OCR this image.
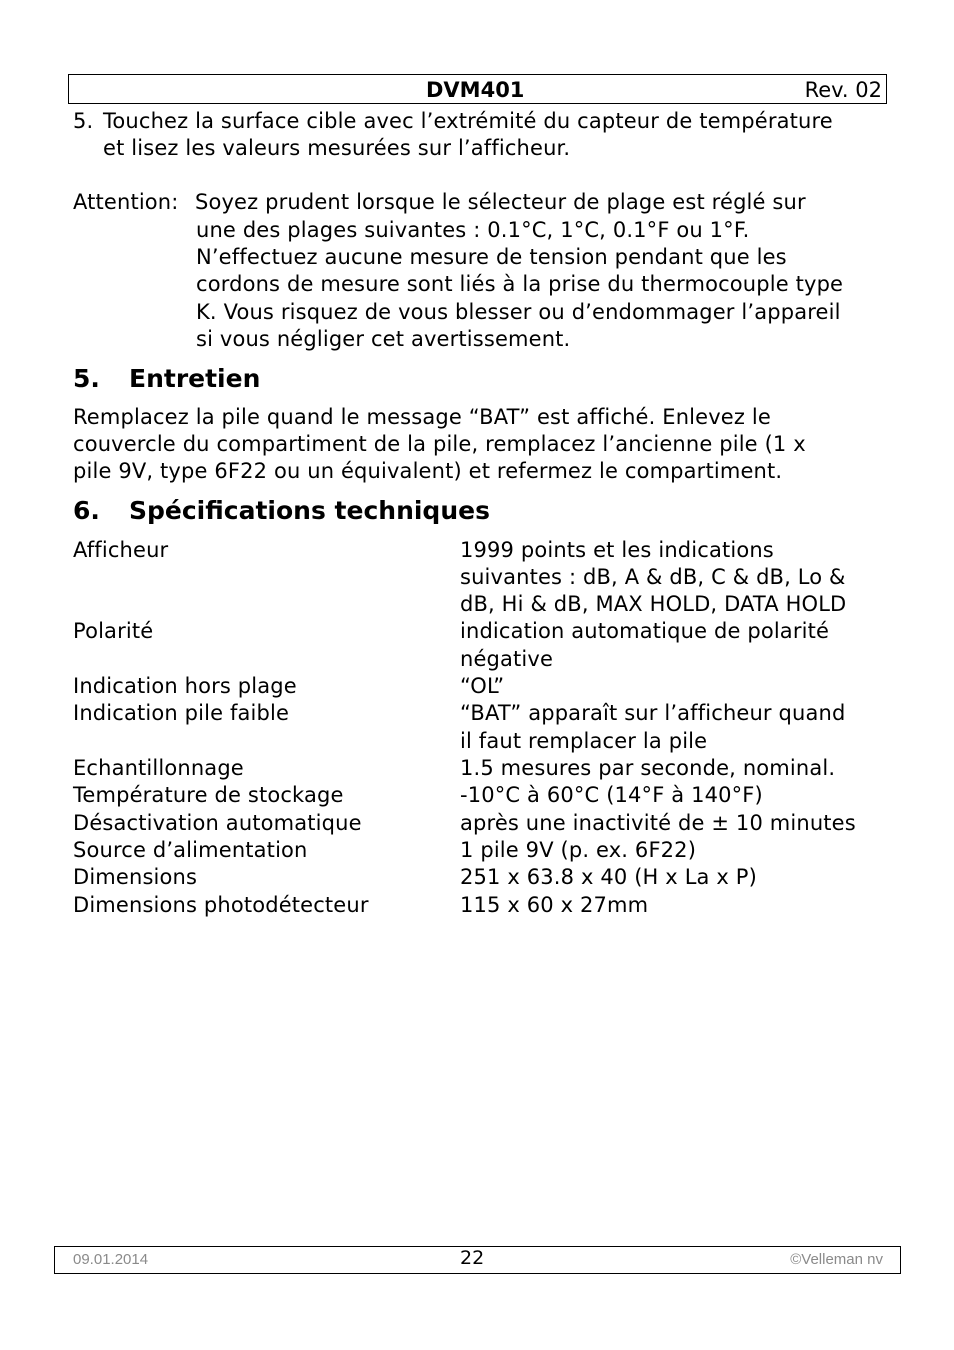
DVM401	Rev. 02
5. Touchez la surface cible avec l’extrémité du capteur de température
et lisez les valeurs mesurées sur l’afficheur.
Attention: Soyez prudent lorsque le sélecteur de plage est réglé sur
une des plages suivantes : 0.1°C, 1°C, 0.1°F ou 1°F.
N’effectuez aucune mesure de tension pendant que les
cordons de mesure sont liés à la prise du thermocouple type
K. Vous risquez de vous blesser ou d’endommager l’appareil
si vous négliger cet avertissement.
5. Entretien
Remplacez la pile quand le message “BAT” est affiché. Enlevez le
couvercle du compartiment de la pile, remplacez l’ancienne pile (1 x
pile 9V, type 6F22 ou un équivalent) et refermez le compartiment.
6. Spécifications techniques
Afficheur	1999 points et les indications
suivantes : dB, A & dB, C & dB, Lo &
dB, Hi & dB, MAX HOLD, DATA HOLD
Polarité	indication automatique de polarité
négative
Indication hors plage	“OL”
Indication pile faible	“BAT” apparaît sur l’afficheur quand
il faut remplacer la pile
Echantillonnage	1.5 mesures par seconde, nominal.
Température de stockage	-10°C à 60°C (14°F à 140°F)
Désactivation automatique	après une inactivité de ± 10 minutes
Source d’alimentation	1 pile 9V (p. ex. 6F22)
Dimensions	251 x 63.8 x 40 (H x La x P)
Dimensions photodétecteur	115 x 60 x 27mm
09.01.2014	22	©Velleman nv
